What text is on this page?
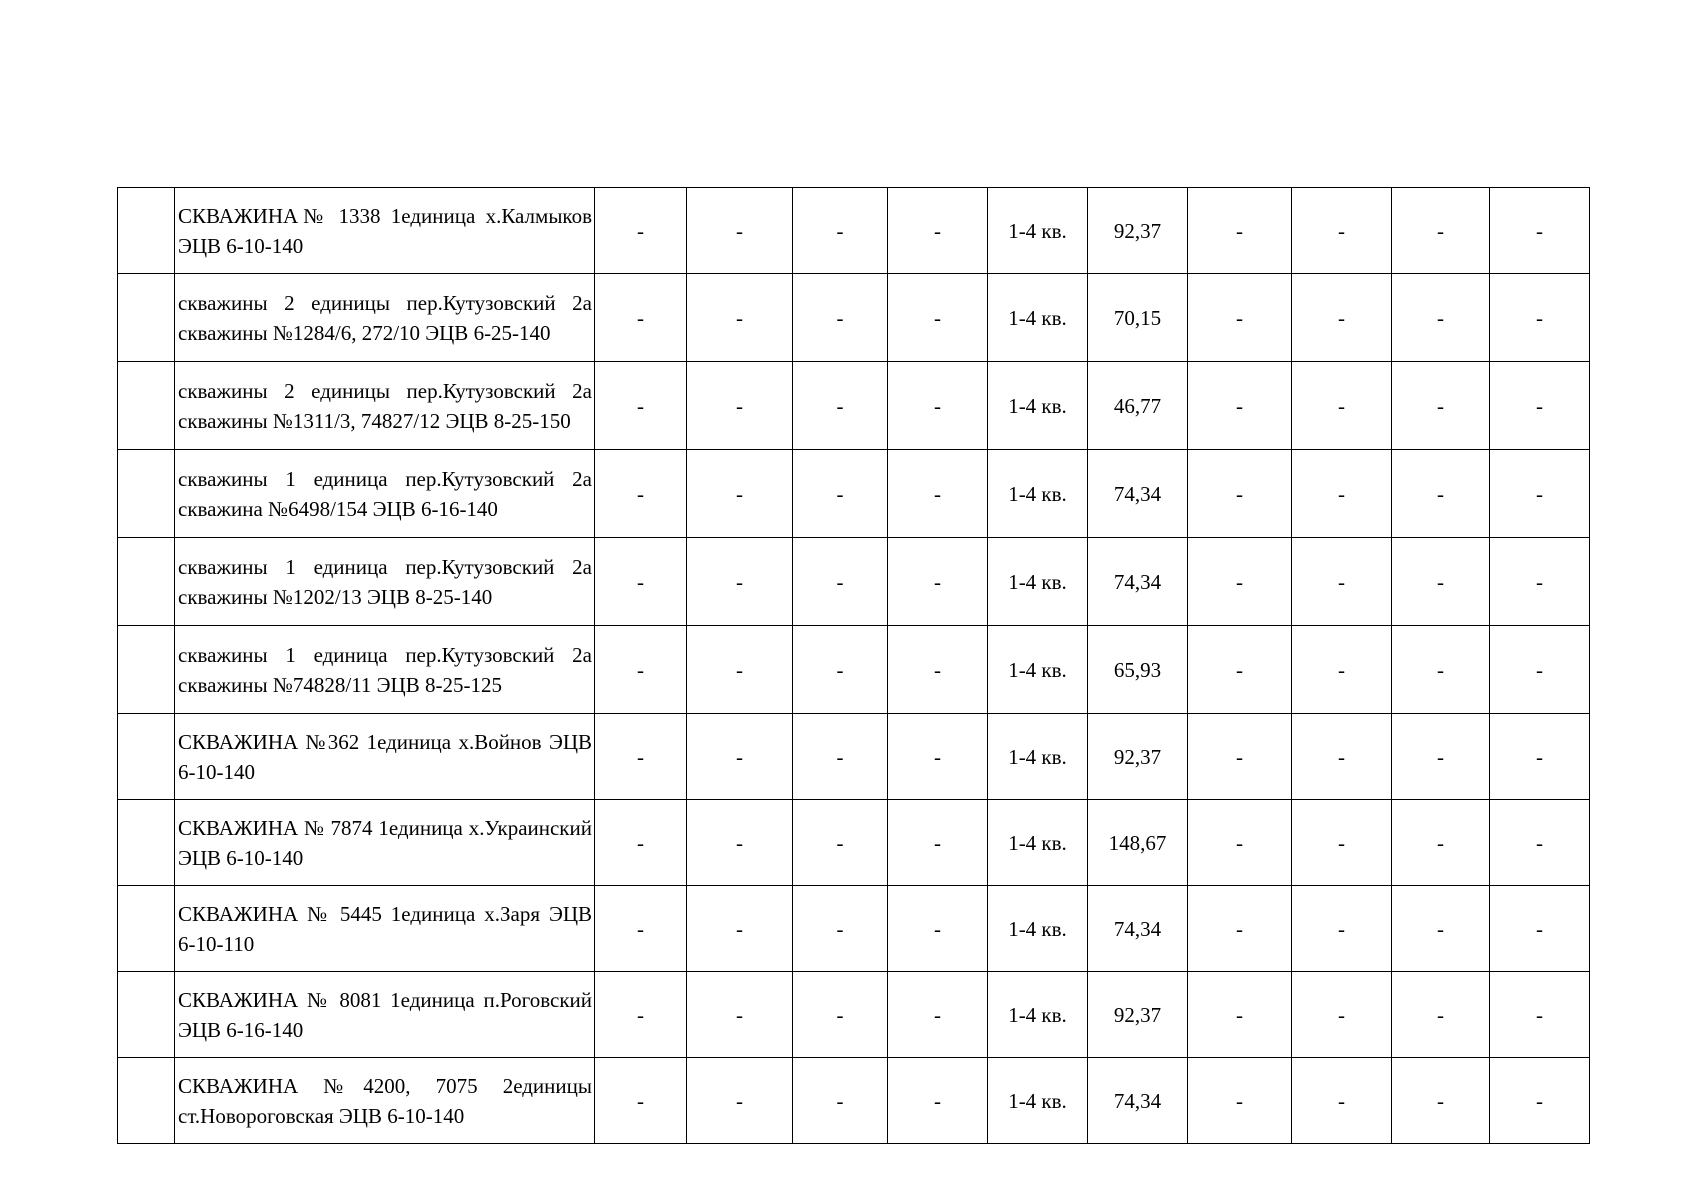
	СКВАЖИНА№ 1338 1единица х.Калмыков ЭЦВ 6-10-140	-	-	-	-	1-4 кв.	92,37	-	-	-	-
	скважины 2 единицы пер.Кутузовский 2а скважины №1284/6, 272/10 ЭЦВ 6-25-140	-	-	-	-	1-4 кв.	70,15	-	-	-	-
	скважины 2 единицы пер.Кутузовский 2а скважины №1311/3, 74827/12 ЭЦВ 8-25-150	-	-	-	-	1-4 кв.	46,77	-	-	-	-
	скважины 1 единица пер.Кутузовский 2а скважина №6498/154 ЭЦВ 6-16-140	-	-	-	-	1-4 кв.	74,34	-	-	-	-
	скважины 1 единица пер.Кутузовский 2а скважины №1202/13 ЭЦВ 8-25-140	-	-	-	-	1-4 кв.	74,34	-	-	-	-
	скважины 1 единица пер.Кутузовский 2а скважины №74828/11 ЭЦВ 8-25-125	-	-	-	-	1-4 кв.	65,93	-	-	-	-
	СКВАЖИНА №362 1единица х.Войнов ЭЦВ 6-10-140	-	-	-	-	1-4 кв.	92,37	-	-	-	-
	СКВАЖИНА № 7874 1единица х.Украинский ЭЦВ 6-10-140	-	-	-	-	1-4 кв.	148,67	-	-	-	-
	СКВАЖИНА № 5445 1единица х.Заря ЭЦВ 6-10-110	-	-	-	-	1-4 кв.	74,34	-	-	-	-
	СКВАЖИНА № 8081 1единица п.Роговский ЭЦВ 6-16-140	-	-	-	-	1-4 кв.	92,37	-	-	-	-
	СКВАЖИНА №4200, 7075 2единицы ст.Новороговская ЭЦВ 6-10-140	-	-	-	-	1-4 кв.	74,34	-	-	-	-
